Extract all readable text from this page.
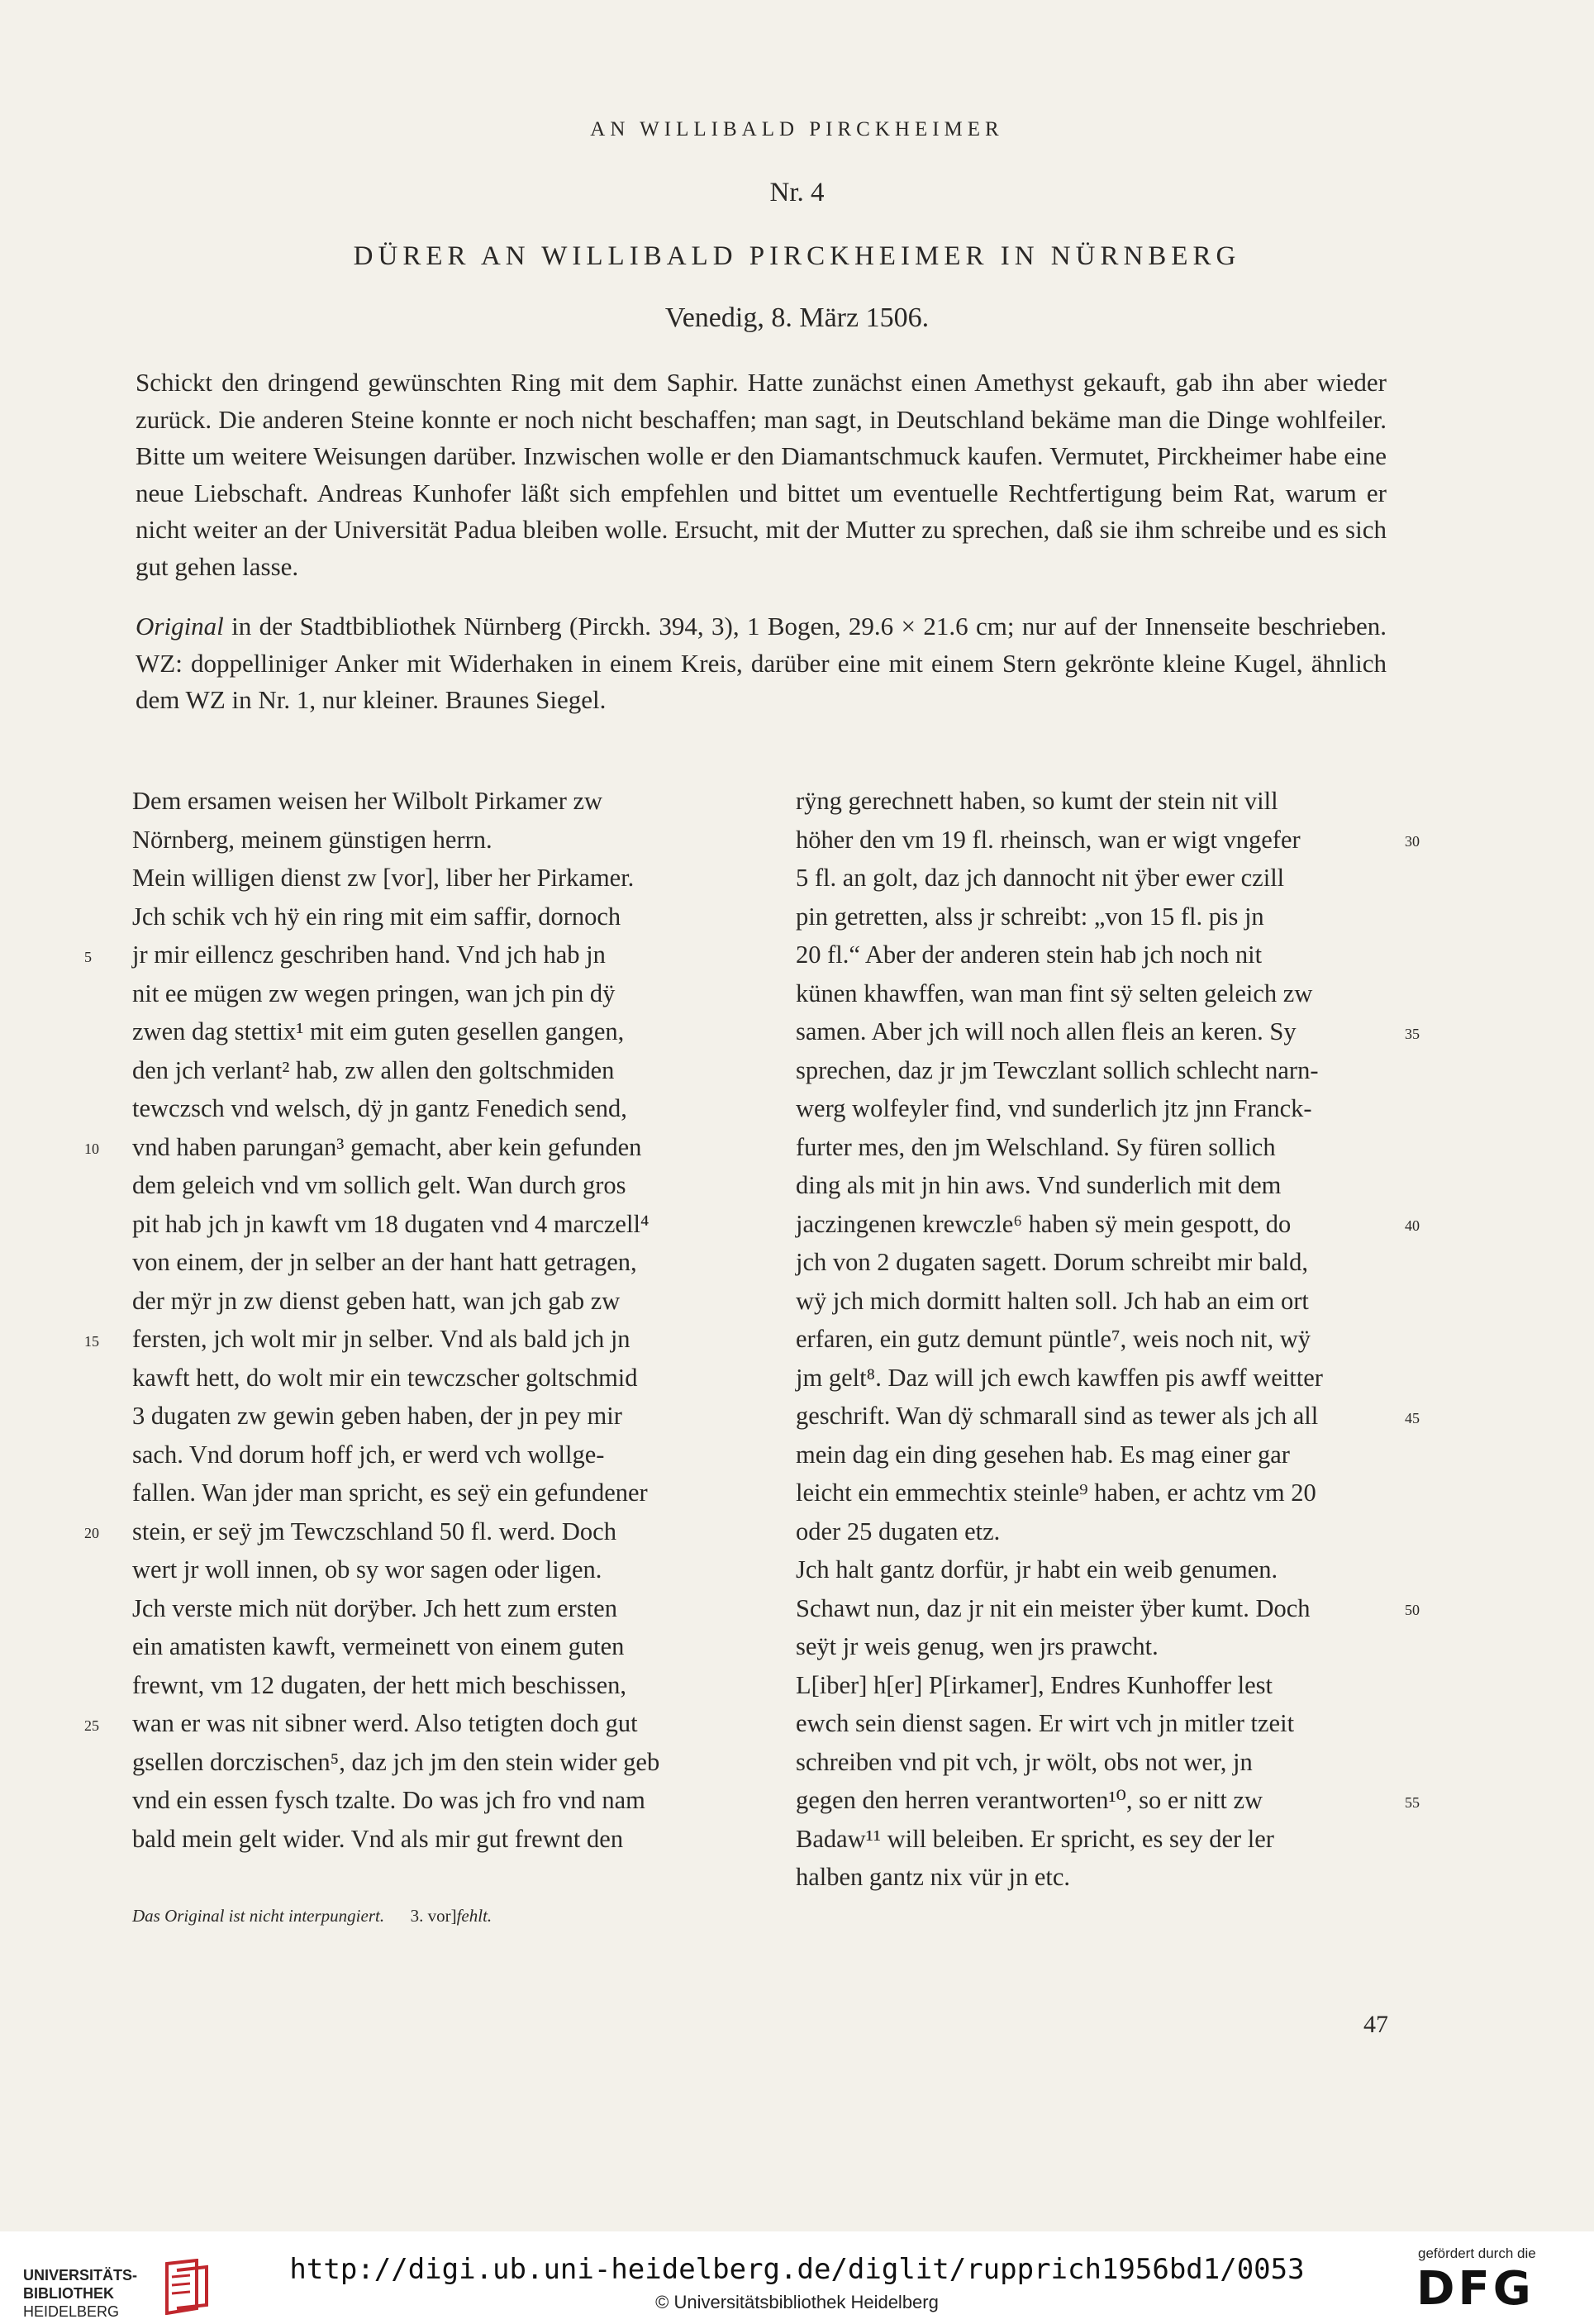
AN WILLIBALD PIRCKHEIMER
Nr. 4
DÜRER AN WILLIBALD PIRCKHEIMER IN NÜRNBERG
Venedig, 8. März 1506.
Schickt den dringend gewünschten Ring mit dem Saphir. Hatte zunächst einen Amethyst gekauft, gab ihn aber wieder zurück. Die anderen Steine konnte er noch nicht beschaffen; man sagt, in Deutschland bekäme man die Dinge wohlfeiler. Bitte um weitere Weisungen darüber. Inzwischen wolle er den Diamantschmuck kaufen. Vermutet, Pirckheimer habe eine neue Liebschaft. Andreas Kunhofer läßt sich empfehlen und bittet um eventuelle Rechtfertigung beim Rat, warum er nicht weiter an der Universität Padua bleiben wolle. Ersucht, mit der Mutter zu sprechen, daß sie ihm schreibe und es sich gut gehen lasse.
Original in der Stadtbibliothek Nürnberg (Pirckh. 394, 3), 1 Bogen, 29.6 × 21.6 cm; nur auf der Innenseite beschrieben. WZ: doppelliniger Anker mit Widerhaken in einem Kreis, darüber eine mit einem Stern gekrönte kleine Kugel, ähnlich dem WZ in Nr. 1, nur kleiner. Braunes Siegel.
Dem ersamen weisen her Wilbolt Pirkamer zw
Nörnberg, meinem günstigen herrn.
Mein willigen dienst zw [vor], liber her Pirkamer.
Jch schik vch hÿ ein ring mit eim saffir, dornoch
jr mir eillencz geschriben hand. Vnd jch hab jn
nit ee mügen zw wegen pringen, wan jch pin dÿ
zwen dag stettix¹ mit eim guten gesellen gangen,
den jch verlant² hab, zw allen den goltschmiden
tewczsch vnd welsch, dÿ jn gantz Fenedich send,
vnd haben parungan³ gemacht, aber kein gefunden
dem geleich vnd vm sollich gelt. Wan durch gros
pit hab jch jn kawft vm 18 dugaten vnd 4 marczell⁴
von einem, der jn selber an der hant hatt getragen,
der mÿr jn zw dienst geben hatt, wan jch gab zw
fersten, jch wolt mir jn selber. Vnd als bald jch jn
kawft hett, do wolt mir ein tewczscher goltschmid
3 dugaten zw gewin geben haben, der jn pey mir
sach. Vnd dorum hoff jch, er werd vch wollge-
fallen. Wan jder man spricht, es seÿ ein gefundener
stein, er seÿ jm Tewczschland 50 fl. werd. Doch
wert jr woll innen, ob sy wor sagen oder ligen.
Jch verste mich nüt dorÿber. Jch hett zum ersten
ein amatisten kawft, vermeinett von einem guten
frewnt, vm 12 dugaten, der hett mich beschissen,
wan er was nit sibner werd. Also tetigten doch gut
gsellen dorczischen⁵, daz jch jm den stein wider geb
vnd ein essen fysch tzalte. Do was jch fro vnd nam
bald mein gelt wider. Vnd als mir gut frewnt den
rÿng gerechnett haben, so kumt der stein nit vill
höher den vm 19 fl. rheinsch, wan er wigt vngefer
5 fl. an golt, daz jch dannocht nit ÿber ewer czill
pin getretten, alss jr schreibt: „von 15 fl. pis jn
20 fl.“ Aber der anderen stein hab jch noch nit
künen khawffen, wan man fint sÿ selten geleich zw
samen. Aber jch will noch allen fleis an keren. Sy
sprechen, daz jr jm Tewczlant sollich schlecht narn-
werg wolfeyler find, vnd sunderlich jtz jnn Franck-
furter mes, den jm Welschland. Sy füren sollich
ding als mit jn hin aws. Vnd sunderlich mit dem
jaczingenen krewczle⁶ haben sÿ mein gespott, do
jch von 2 dugaten sagett. Dorum schreibt mir bald,
wÿ jch mich dormitt halten soll. Jch hab an eim ort
erfaren, ein gutz demunt püntle⁷, weis noch nit, wÿ
jm gelt⁸. Daz will jch ewch kawffen pis awff weitter
geschrift. Wan dÿ schmarall sind as tewer als jch all
mein dag ein ding gesehen hab. Es mag einer gar
leicht ein emmechtix steinle⁹ haben, er achtz vm 20
oder 25 dugaten etz.
Jch halt gantz dorfür, jr habt ein weib genumen.
Schawt nun, daz jr nit ein meister ÿber kumt. Doch
seÿt jr weis genug, wen jrs prawcht.
L[iber] h[er] P[irkamer], Endres Kunhoffer lest
ewch sein dienst sagen. Er wirt vch jn mitler tzeit
schreiben vnd pit vch, jr wölt, obs not wer, jn
gegen den herren verantworten¹⁰, so er nitt zw
Badaw¹¹ will beleiben. Er spricht, es sey der ler
halben gantz nix vür jn etc.
5
10
15
20
25
30
35
40
45
50
55
Das Original ist nicht interpungiert. 3. vor]fehlt.
47
UNIVERSITÄTS-
BIBLIOTHEK
HEIDELBERG
http://digi.ub.uni-heidelberg.de/diglit/rupprich1956bd1/0053
© Universitätsbibliothek Heidelberg
gefördert durch die
DFG
